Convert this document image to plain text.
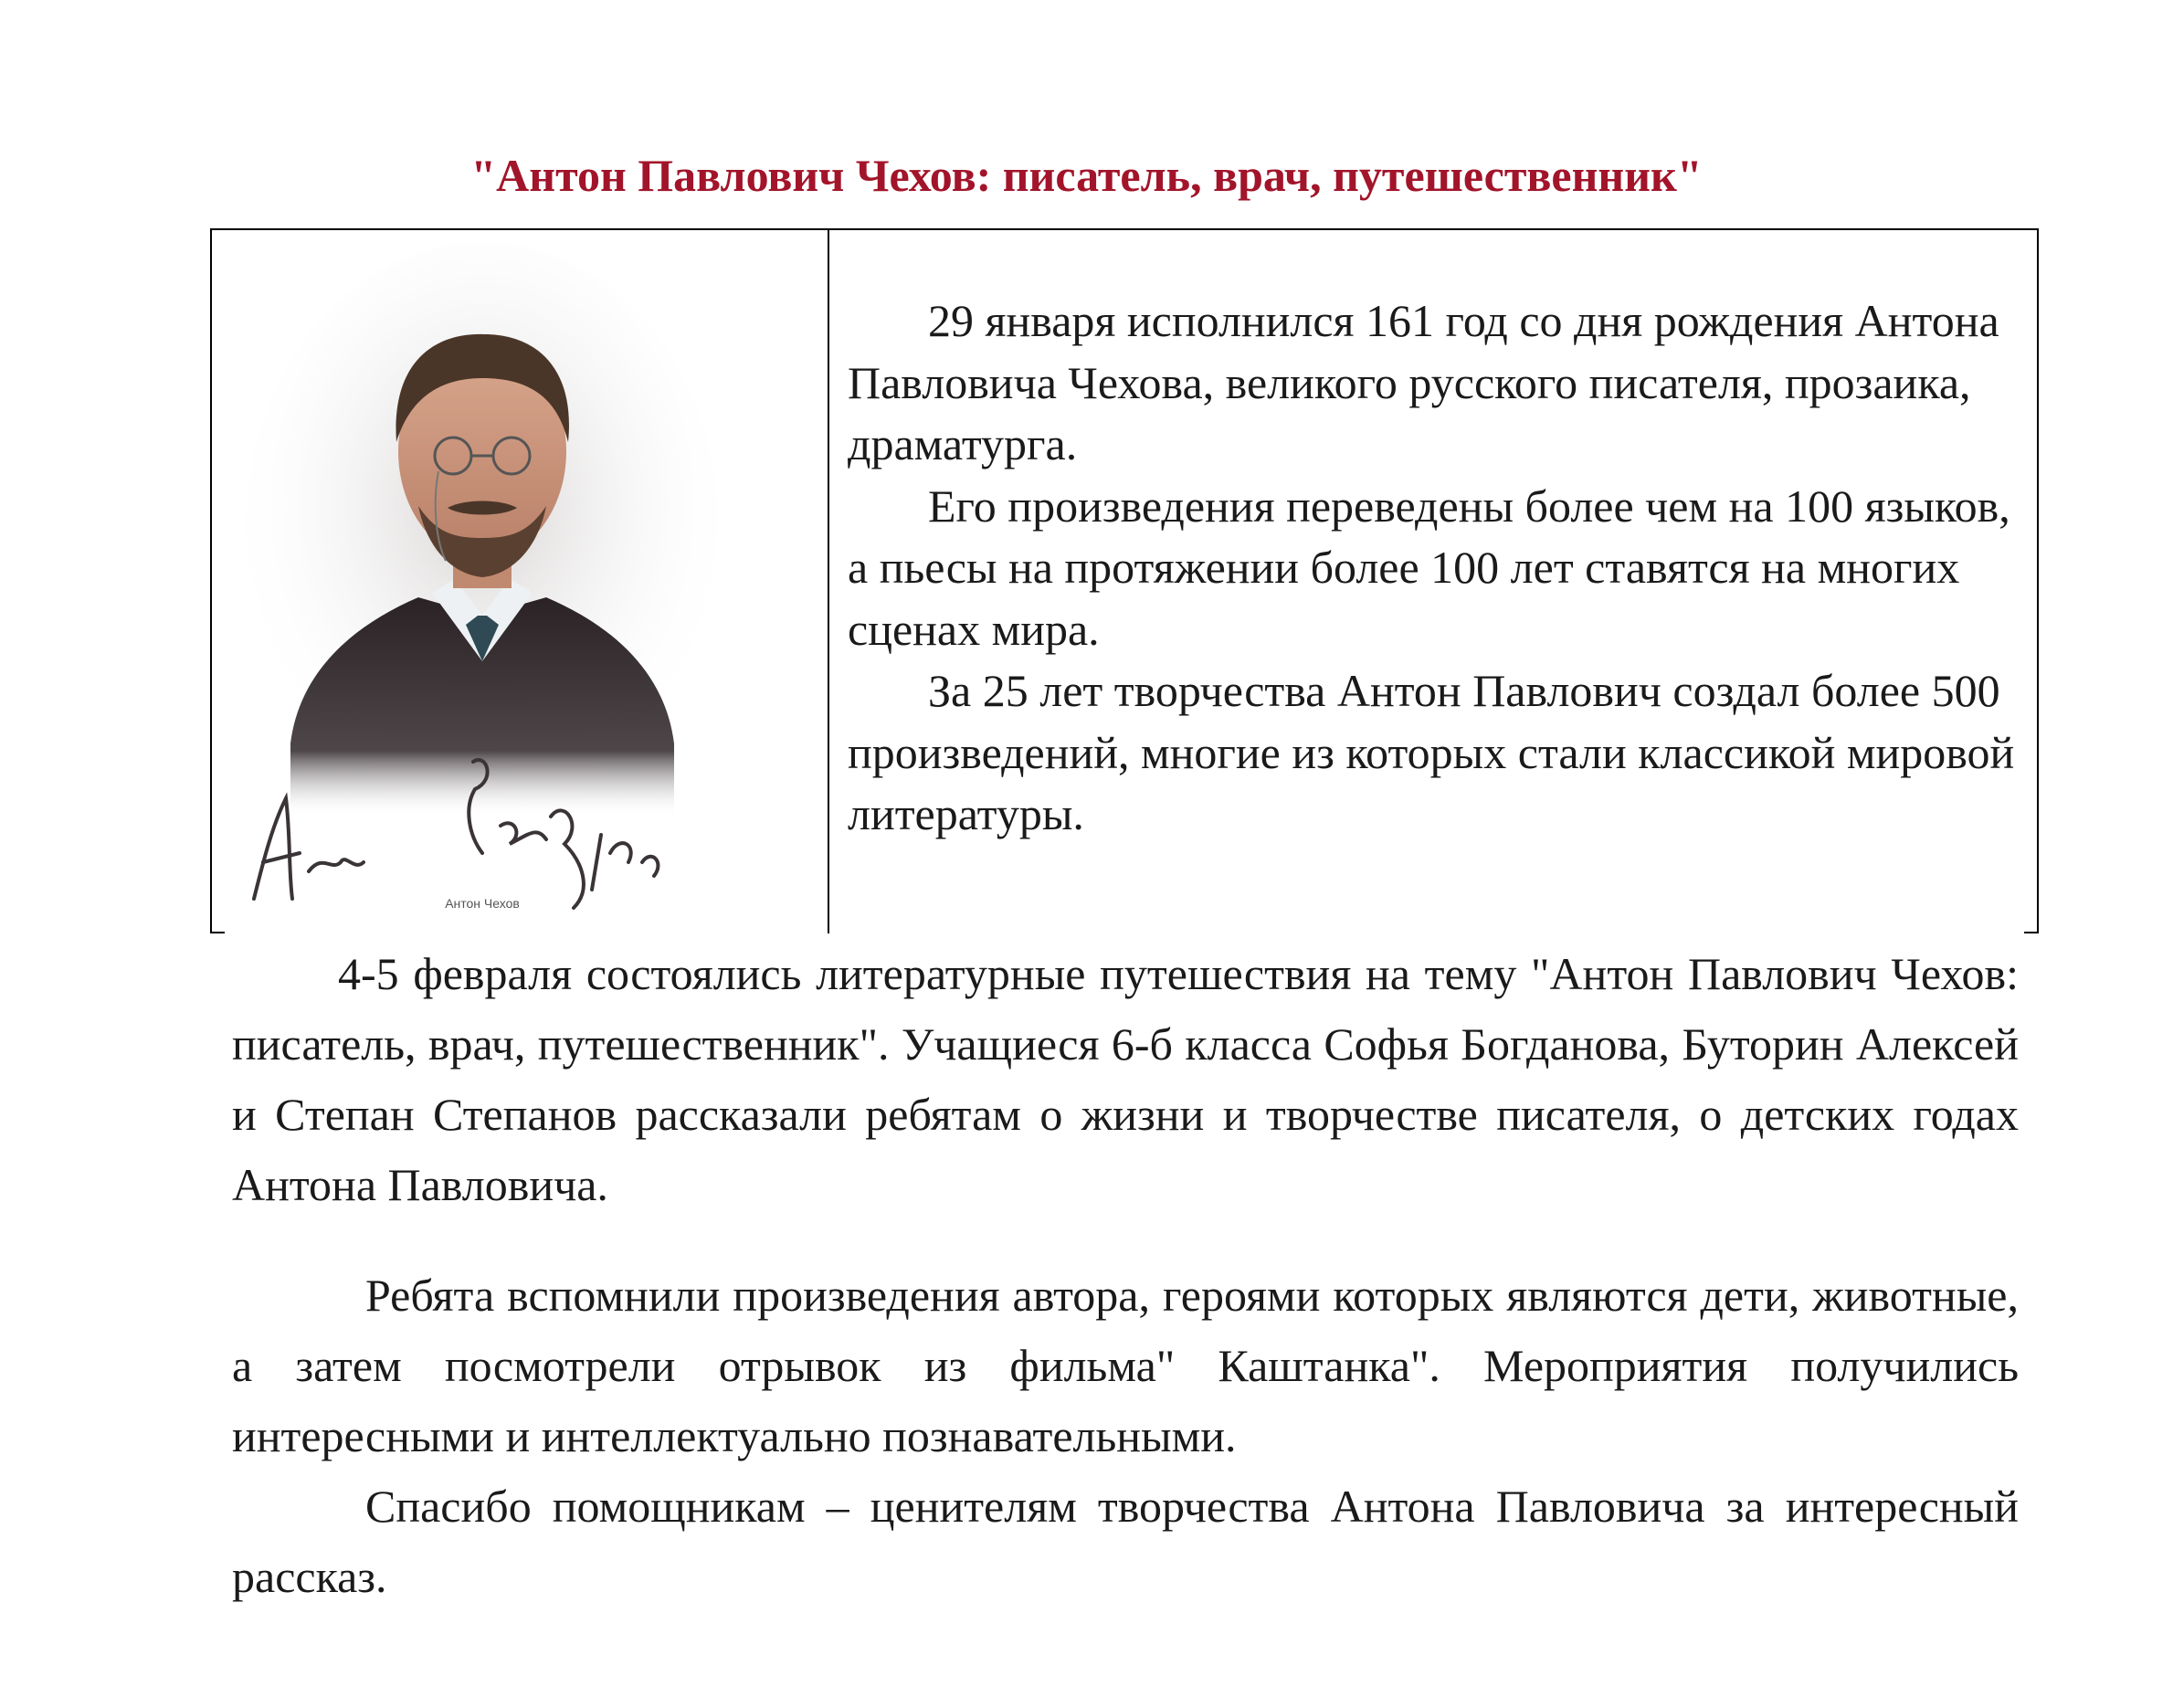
"Антон Павлович Чехов: писатель, врач, путешественник"
Антон Чехов

29 января исполнился 161 год со дня рождения Антона Павловича Чехова, великого русского писателя, прозаика, драматурга.

Его произведения переведены более чем на 100 языков, а пьесы на протяжении более 100 лет ставятся на многих сценах мира.

За 25 лет творчества Антон Павлович создал более 500 произведений, многие из которых стали классикой мировой литературы.

4-5 февраля состоялись литературные путешествия на тему "Антон Павлович Чехов: писатель, врач, путешественник". Учащиеся 6-б класса Софья Богданова, Буторин Алексей и Степан Степанов рассказали ребятам о жизни и творчестве писателя, о детских годах Антона Павловича.

Ребята вспомнили произведения автора, героями которых являются дети, животные, а затем посмотрели отрывок из фильма" Каштанка". Мероприятия получились интересными и интеллектуально познавательными.

Спасибо помощникам – ценителям творчества Антона Павловича за интересный рассказ.
